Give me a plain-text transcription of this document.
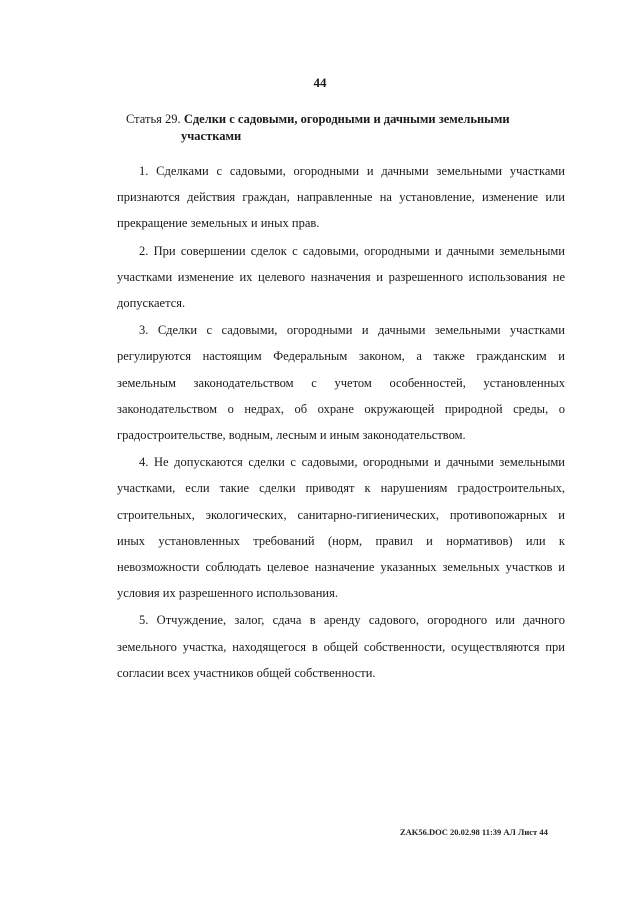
44
Статья 29. Сделки с садовыми, огородными и дачными земельными
участками

1. Сделками с садовыми, огородными и дачными земельными участками признаются действия граждан, направленные на установление, изменение или прекращение земельных и иных прав.

2. При совершении сделок с садовыми, огородными и дачными земельными участками изменение их целевого назначения и разрешенного использования не допускается.

3. Сделки с садовыми, огородными и дачными земельными участками регулируются настоящим Федеральным законом, а также гражданским и земельным законодательством с учетом особенностей, установленных законодательством о недрах, об охране окружающей природной среды, о градостроительстве, водным, лесным и иным законодательством.

4. Не допускаются сделки с садовыми, огородными и дачными земельными участками, если такие сделки приводят к нарушениям градостроительных, строительных, экологических, санитарно-гигиенических, противопожарных и иных установленных требований (норм, правил и нормативов) или к невозможности соблюдать целевое назначение указанных земельных участков и условия их разрешенного использования.

5. Отчуждение, залог, сдача в аренду садового, огородного или дачного земельного участка, находящегося в общей собственности, осуществляются при согласии всех участников общей собственности.

ZAK56.DOC 20.02.98 11:39 АЛ Лист 44
